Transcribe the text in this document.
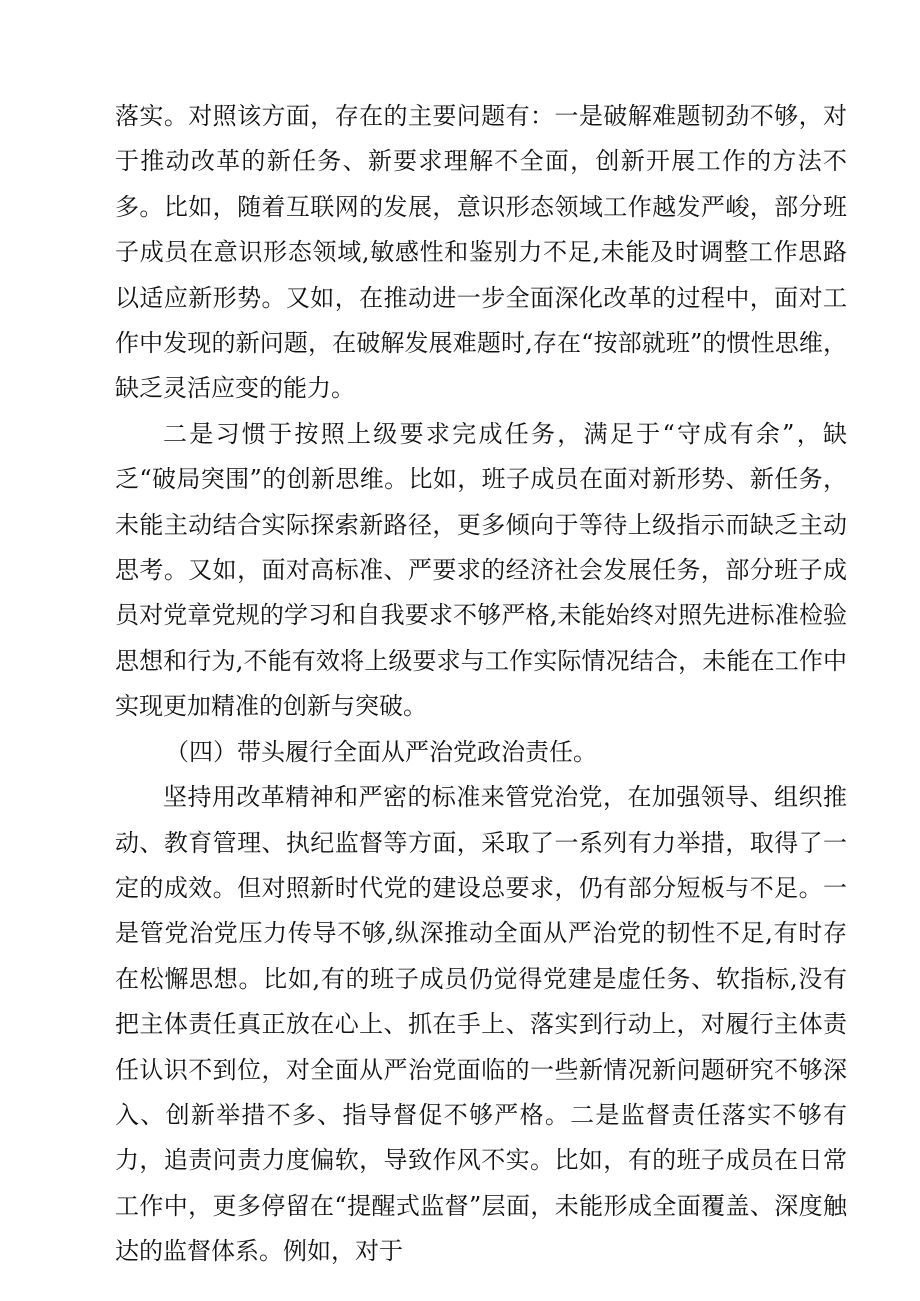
落实。对照该方面，存在的主要问题有：一是破解难题韧劲不够，对于推动改革的新任务、新要求理解不全面，创新开展工作的方法不多。比如，随着互联网的发展，意识形态领域工作越发严峻，部分班子成员在意识形态领域,敏感性和鉴别力不足,未能及时调整工作思路以适应新形势。又如，在推动进一步全面深化改革的过程中，面对工作中发现的新问题，在破解发展难题时,存在“按部就班”的惯性思维，缺乏灵活应变的能力。

二是习惯于按照上级要求完成任务，满足于“守成有余”，缺乏“破局突围”的创新思维。比如，班子成员在面对新形势、新任务，未能主动结合实际探索新路径，更多倾向于等待上级指示而缺乏主动思考。又如，面对高标准、严要求的经济社会发展任务，部分班子成员对党章党规的学习和自我要求不够严格,未能始终对照先进标准检验思想和行为,不能有效将上级要求与工作实际情况结合，未能在工作中实现更加精准的创新与突破。

（四）带头履行全面从严治党政治责任。

坚持用改革精神和严密的标准来管党治党，在加强领导、组织推动、教育管理、执纪监督等方面，采取了一系列有力举措，取得了一定的成效。但对照新时代党的建设总要求，仍有部分短板与不足。一是管党治党压力传导不够,纵深推动全面从严治党的韧性不足,有时存在松懈思想。比如,有的班子成员仍觉得党建是虚任务、软指标,没有把主体责任真正放在心上、抓在手上、落实到行动上，对履行主体责任认识不到位，对全面从严治党面临的一些新情况新问题研究不够深入、创新举措不多、指导督促不够严格。二是监督责任落实不够有力，追责问责力度偏软，导致作风不实。比如，有的班子成员在日常工作中，更多停留在“提醒式监督”层面，未能形成全面覆盖、深度触达的监督体系。例如，对于
